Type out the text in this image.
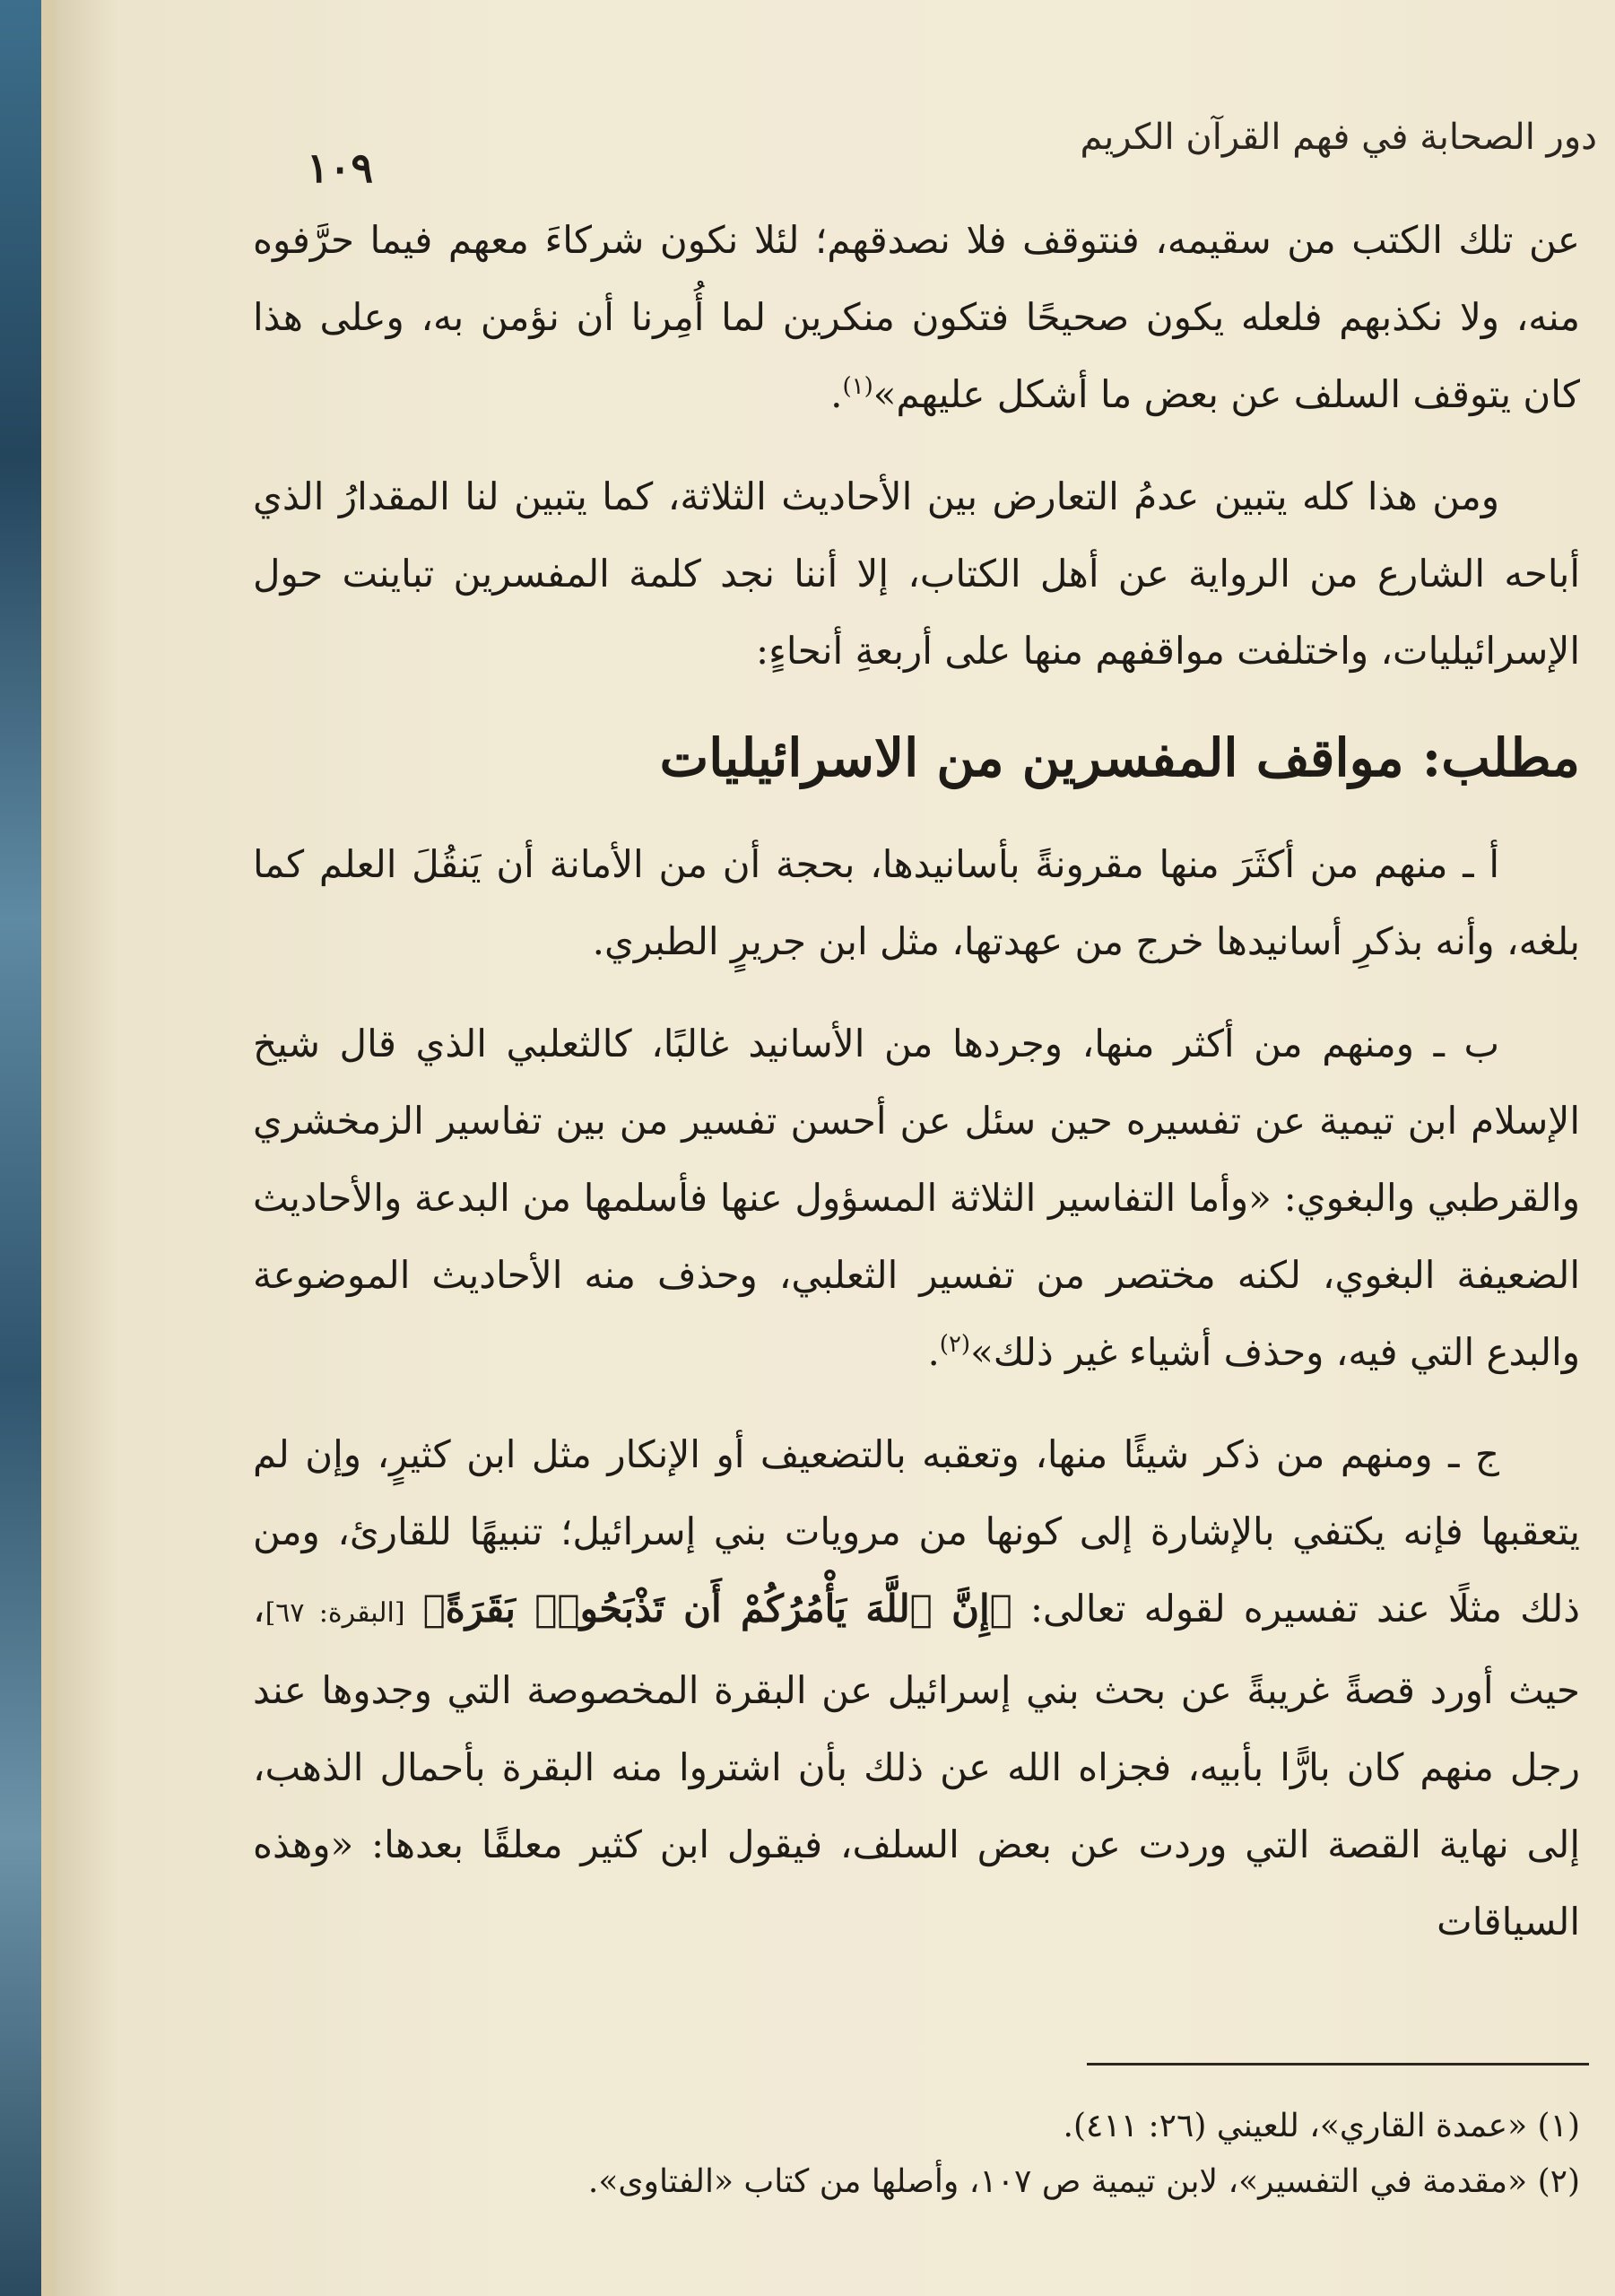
دور الصحابة في فهم القرآن الكريم
١٠٩

عن تلك الكتب من سقيمه، فنتوقف فلا نصدقهم؛ لئلا نكون شركاءَ معهم فيما حرَّفوه منه، ولا نكذبهم فلعله يكون صحيحًا فتكون منكرين لما أُمِرنا أن نؤمن به، وعلى هذا كان يتوقف السلف عن بعض ما أشكل عليهم»$^{(١)}$.

ومن هذا كله يتبين عدمُ التعارض بين الأحاديث الثلاثة، كما يتبين لنا المقدارُ الذي أباحه الشارع من الرواية عن أهل الكتاب، إلا أننا نجد كلمة المفسرين تباينت حول الإسرائيليات، واختلفت مواقفهم منها على أربعةِ أنحاءٍ:

مطلب: مواقف المفسرين من الاسرائيليات

أ ـ منهم من أكثَرَ منها مقرونةً بأسانيدها، بحجة أن من الأمانة أن يَنقُلَ العلم كما بلغه، وأنه بذكرِ أسانيدها خرج من عهدتها، مثل ابن جريرٍ الطبري.

ب ـ ومنهم من أكثر منها، وجردها من الأسانيد غالبًا، كالثعلبي الذي قال شيخ الإسلام ابن تيمية عن تفسيره حين سئل عن أحسن تفسير من بين تفاسير الزمخشري والقرطبي والبغوي: «وأما التفاسير الثلاثة المسؤول عنها فأسلمها من البدعة والأحاديث الضعيفة البغوي، لكنه مختصر من تفسير الثعلبي، وحذف منه الأحاديث الموضوعة والبدع التي فيه، وحذف أشياء غير ذلك»$^{(٢)}$.

ج ـ ومنهم من ذكر شيئًا منها، وتعقبه بالتضعيف أو الإنكار مثل ابن كثيرٍ، وإن لم يتعقبها فإنه يكتفي بالإشارة إلى كونها من مرويات بني إسرائيل؛ تنبيهًا للقارئ، ومن ذلك مثلًا عند تفسيره لقوله تعالى: ﴿إِنَّ ٱللَّهَ يَأْمُرُكُمْ أَن تَذْبَحُوا۟ بَقَرَةً﴾ [البقرة: ٦٧]، حيث أورد قصةً غريبةً عن بحث بني إسرائيل عن البقرة المخصوصة التي وجدوها عند رجل منهم كان بارًّا بأبيه، فجزاه الله عن ذلك بأن اشتروا منه البقرة بأحمال الذهب، إلى نهاية القصة التي وردت عن بعض السلف، فيقول ابن كثير معلقًا بعدها: «وهذه السياقات

(١) «عمدة القاري»، للعيني (٢٦: ٤١١).
(٢) «مقدمة في التفسير»، لابن تيمية ص ١٠٧، وأصلها من كتاب «الفتاوى».
